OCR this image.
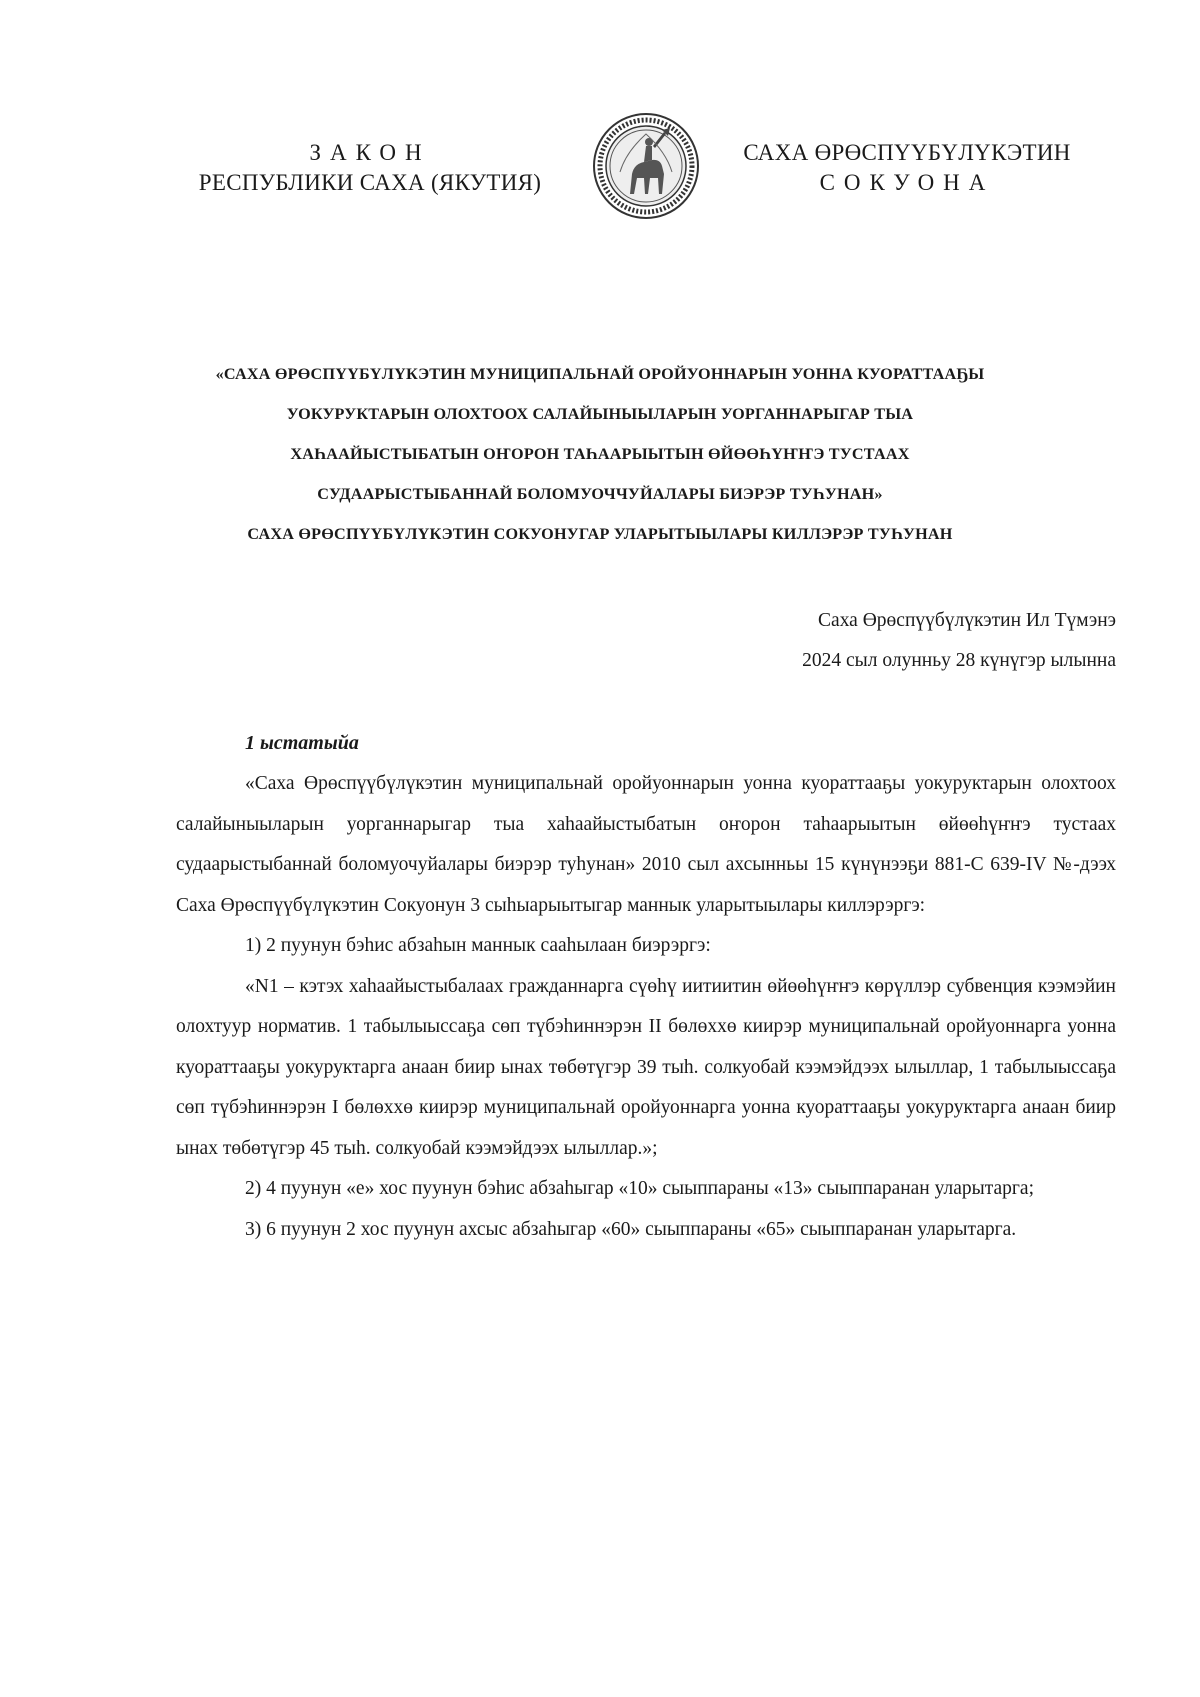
ЗАКОН
РЕСПУБЛИКИ САХА (ЯКУТИЯ)
САХА ӨРӨСПҮҮБҮЛҮКЭТИН
СОКУОНА
«САХА ӨРӨСПҮҮБҮЛҮКЭТИН МУНИЦИПАЛЬНАЙ ОРОЙУОННАРЫН УОННА КУОРАТТААҔЫ
УОКУРУКТАРЫН ОЛОХТООХ САЛАЙЫНЫЫЛАРЫН УОРГАННАРЫГАР ТЫА
ХАҺААЙЫСТЫБАТЫН ОҤОРОН ТАҺААРЫЫТЫН ӨЙӨӨҺҮҤҤЭ ТУСТААХ
СУДААРЫСТЫБАННАЙ БОЛОМУОЧЧУЙАЛАРЫ БИЭРЭР ТУҺУНАН»
САХА ӨРӨСПҮҮБҮЛҮКЭТИН СОКУОНУГАР УЛАРЫТЫЫЛАРЫ КИЛЛЭРЭР ТУҺУНАН
Саха Өрөспүүбүлүкэтин Ил Түмэнэ
2024 сыл олунньу 28 күнүгэр ылынна
1 ыстатыйа

«Саха Өрөспүүбүлүкэтин муниципальнай оройуоннарын уонна куораттааҕы уокуруктарын олохтоох салайыныыларын уорганнарыгар тыа хаһаайыстыбатын оҥорон таһаарыытын өйөөһүҥҥэ тустаах судаарыстыбаннай боломуочуйалары биэрэр туһунан» 2010 сыл ахсынньы 15 күнүнээҕи 881-С 639-IV №-дээх Саха Өрөспүүбүлүкэтин Сокуонун 3 сыһыарыытыгар маннык уларытыылары киллэрэргэ:

1) 2 пуунун бэһис абзаһын маннык сааһылаан биэрэргэ:

«N1 – кэтэх хаһаайыстыбалаах гражданнарга сүөһү иитиитин өйөөһүҥҥэ көрүллэр субвенция кээмэйин олохтуур норматив. 1 табылыыссаҕа сөп түбэһиннэрэн II бөлөххө киирэр муниципальнай оройуоннарга уонна куораттааҕы уокуруктарга анаан биир ынах төбөтүгэр 39 тыһ. солкуобай кээмэйдээх ылыллар, 1 табылыыссаҕа сөп түбэһиннэрэн I бөлөххө киирэр муниципальнай оройуоннарга уонна куораттааҕы уокуруктарга анаан биир ынах төбөтүгэр 45 тыһ. солкуобай кээмэйдээх ылыллар.»;

2) 4 пуунун «е» хос пуунун бэһис абзаһыгар «10» сыыппараны «13» сыыппаранан уларытарга;

3) 6 пуунун 2 хос пуунун ахсыс абзаһыгар «60» сыыппараны «65» сыыппаранан уларытарга.
